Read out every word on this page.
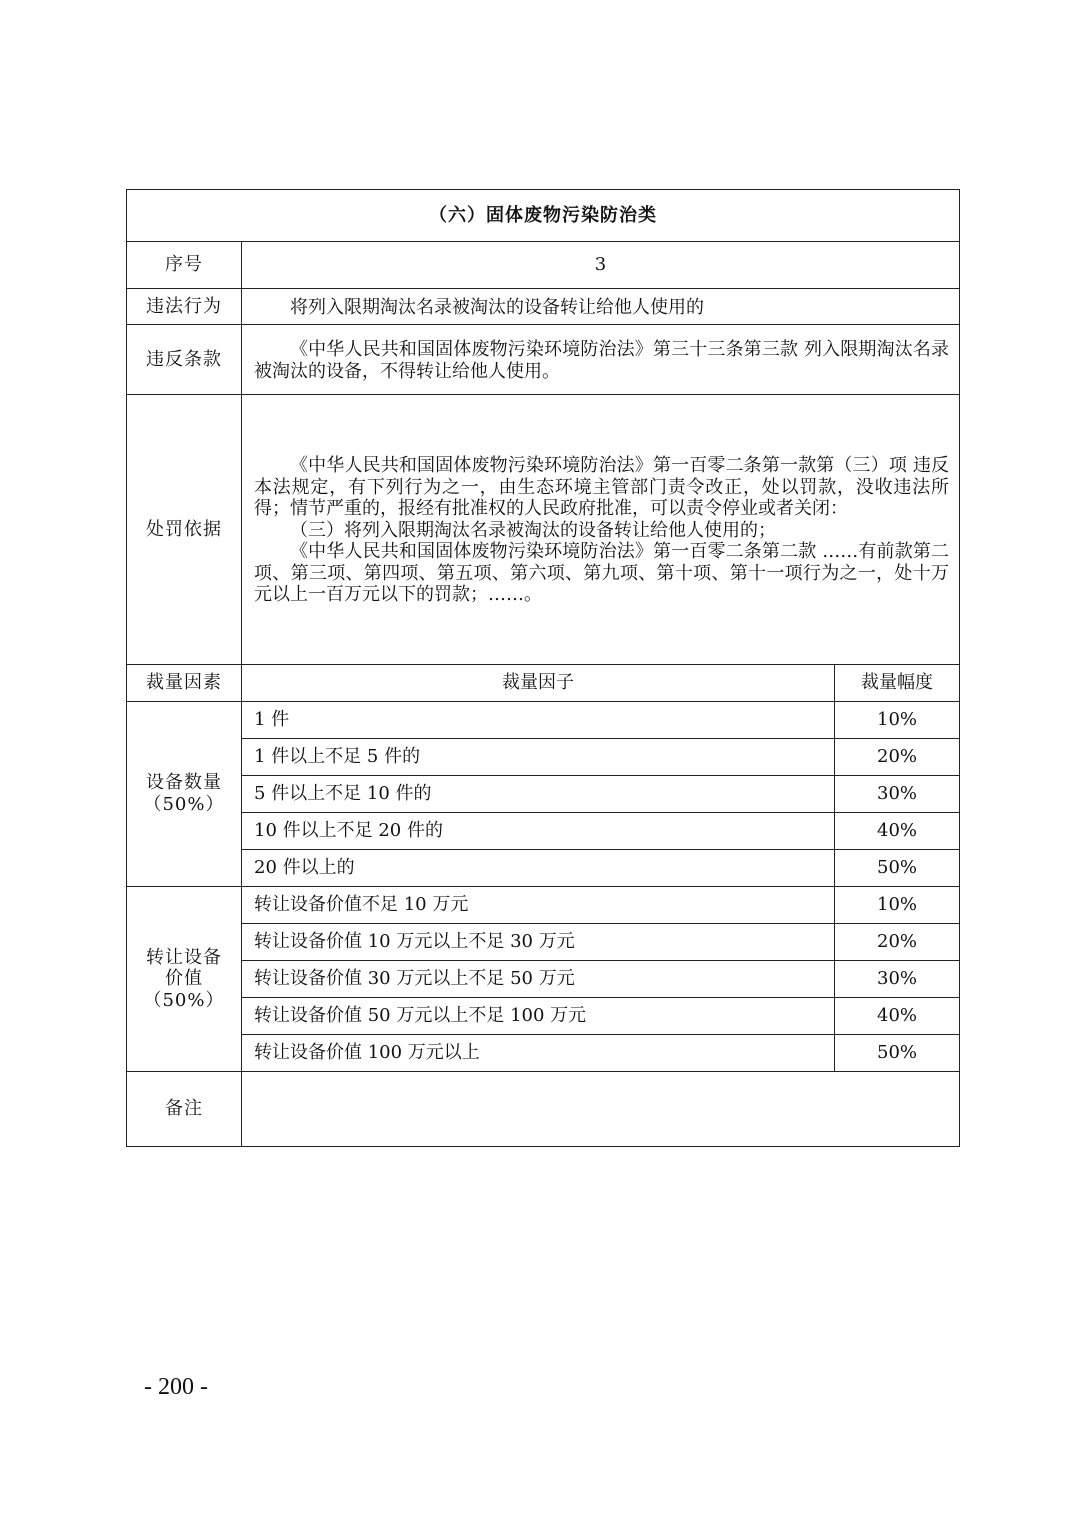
（六）固体废物污染防治类		
序号	3	
违法行为	将列入限期淘汰名录被淘汰的设备转让给他人使用的	

违反条款	《中华人民共和国固体废物污染环境防治法》第三十三条第三款 列入限期淘汰名录被淘汰的设备，不得转让给他人使用。	

处罚依据	《中华人民共和国固体废物污染环境防治法》第一百零二条第一款第（三）项 违反本法规定，有下列行为之一，由生态环境主管部门责令改正，处以罚款，没收违法所得；情节严重的，报经有批准权的人民政府批准，可以责令停业或者关闭：

（三）将列入限期淘汰名录被淘汰的设备转让给他人使用的；

《中华人民共和国固体废物污染环境防治法》第一百零二条第二款 ……有前款第二项、第三项、第四项、第五项、第六项、第九项、第十项、第十一项行为之一，处十万元以上一百万元以下的罚款；……。	

裁量因素	裁量因子	裁量幅度

设备数量
（50%）	1 件	10%
	1 件以上不足 5 件的	20%
	5 件以上不足 10 件的	30%
	10 件以上不足 20 件的	40%
	20 件以上的	50%

转让设备
价值
（50%）	转让设备价值不足 10 万元	10%
	转让设备价值 10 万元以上不足 30 万元	20%
	转让设备价值 30 万元以上不足 50 万元	30%
	转让设备价值 50 万元以上不足 100 万元	40%
	转让设备价值 100 万元以上	50%
备注		
- 200 -
